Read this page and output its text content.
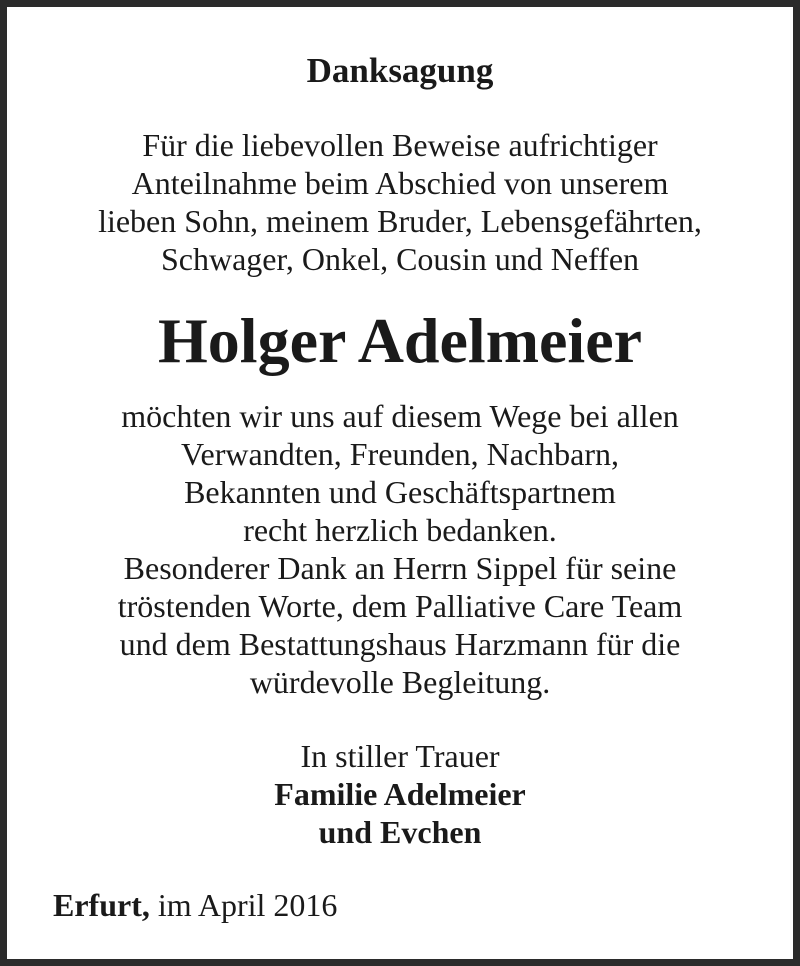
Danksagung
Für die liebevollen Beweise aufrichtiger
Anteilnahme beim Abschied von unserem
lieben Sohn, meinem Bruder, Lebensgefährten,
Schwager, Onkel, Cousin und Neffen
Holger Adelmeier
möchten wir uns auf diesem Wege bei allen
Verwandten, Freunden, Nachbarn,
Bekannten und Geschäftspartnem
recht herzlich bedanken.
Besonderer Dank an Herrn Sippel für seine
tröstenden Worte, dem Palliative Care Team
und dem Bestattungshaus Harzmann für die
würdevolle Begleitung.
In stiller Trauer
Familie Adelmeier
und Evchen
Erfurt, im April 2016
